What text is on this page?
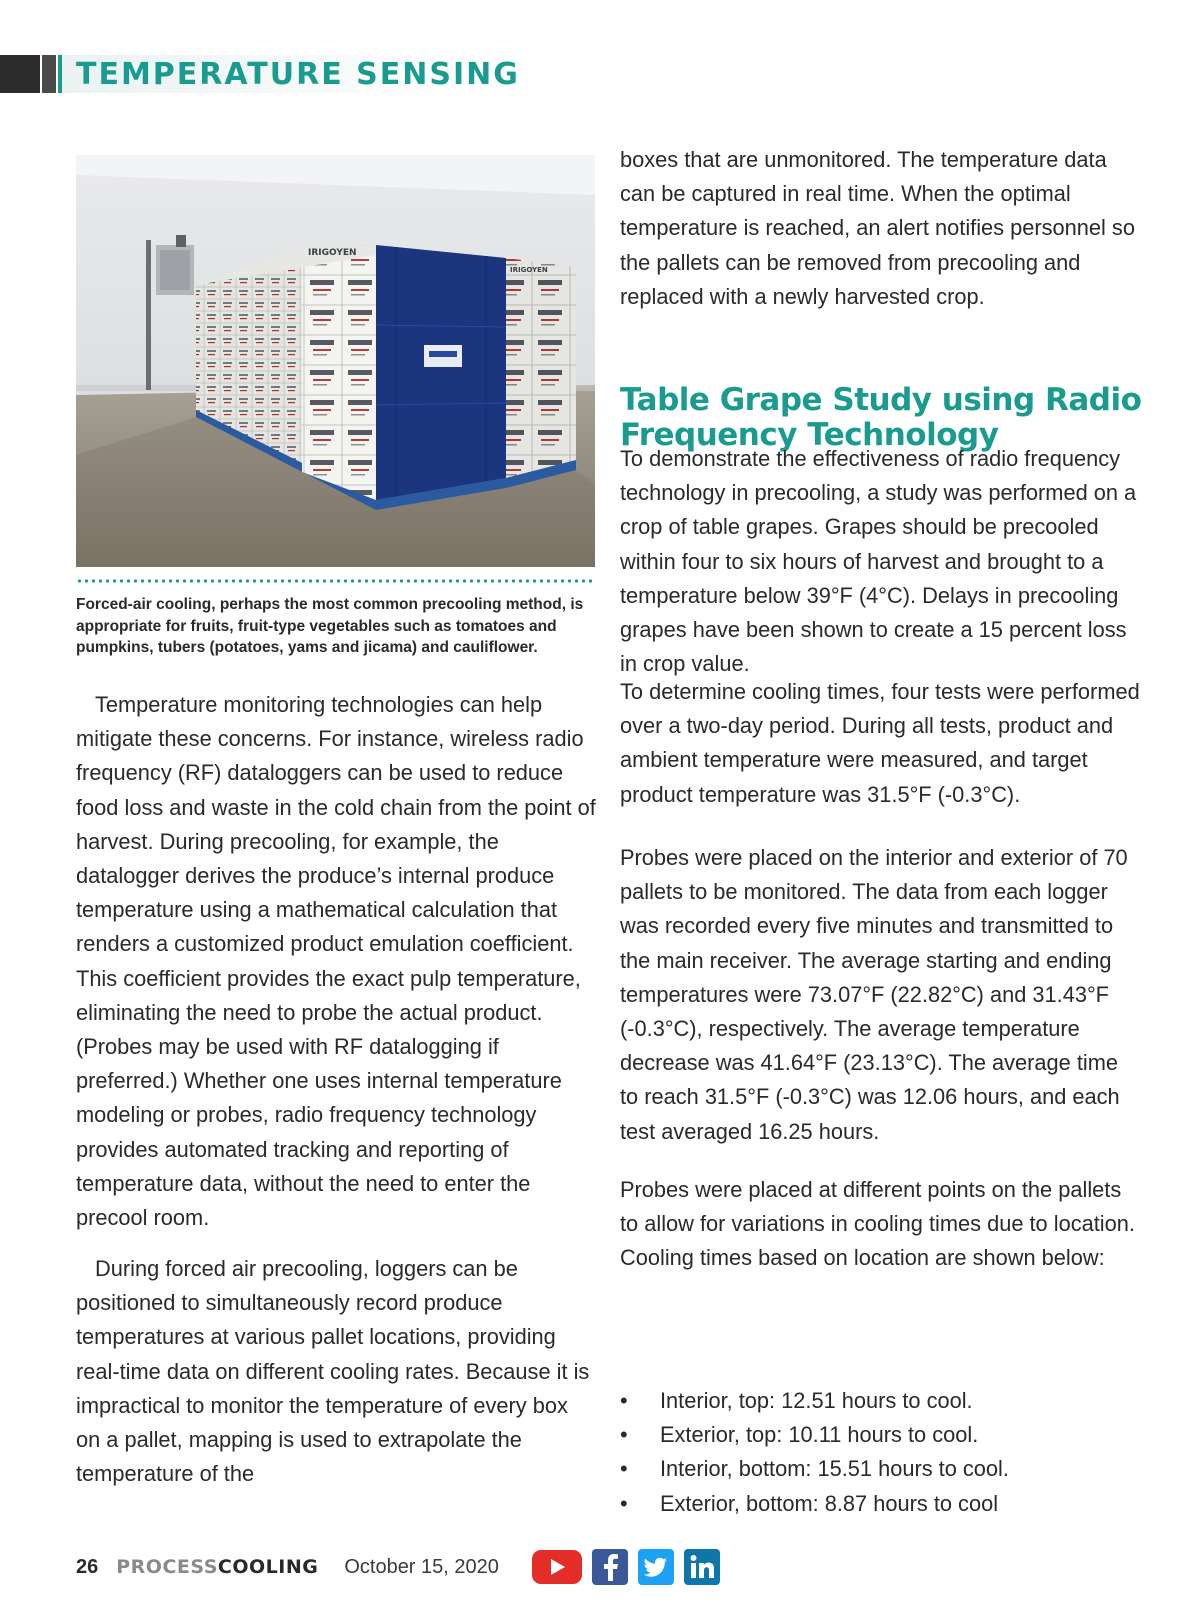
TEMPERATURE SENSING
IRIGOYEN
IRIGOYEN
Forced-air cooling, perhaps the most common precooling method, is appropriate for fruits, fruit-type vegetables such as tomatoes and pumpkins, tubers (potatoes, yams and jicama) and cauliflower.
Temperature monitoring technologies can help mitigate these concerns. For instance, wireless radio frequency (RF) dataloggers can be used to reduce food loss and waste in the cold chain from the point of harvest. During precooling, for example, the datalogger derives the produce’s internal produce temperature using a mathematical calculation that renders a customized product emulation coefficient. This coefficient provides the exact pulp temperature, eliminating the need to probe the actual product. (Probes may be used with RF datalogging if preferred.) Whether one uses internal temperature modeling or probes, radio frequency technology provides automated tracking and reporting of temperature data, without the need to enter the precool room.
During forced air precooling, loggers can be positioned to simultaneously record produce temperatures at various pallet locations, providing real-time data on different cooling rates. Because it is impractical to monitor the temperature of every box on a pallet, mapping is used to extrapolate the temperature of the
boxes that are unmonitored. The temperature data can be captured in real time. When the optimal temperature is reached, an alert notifies personnel so the pallets can be removed from precooling and replaced with a newly harvested crop.
Table Grape Study using Radio Frequency Technology
To demonstrate the effectiveness of radio frequency technology in precooling, a study was performed on a crop of table grapes. Grapes should be precooled within four to six hours of harvest and brought to a temperature below 39°F (4°C). Delays in precooling grapes have been shown to create a 15 percent loss in crop value.
To determine cooling times, four tests were performed over a two-day period. During all tests, product and ambient temperature were measured, and target product temperature was 31.5°F (-0.3°C).
Probes were placed on the interior and exterior of 70 pallets to be monitored. The data from each logger was recorded every five minutes and transmitted to the main receiver. The average starting and ending temperatures were 73.07°F (22.82°C) and 31.43°F (-0.3°C), respectively. The average temperature decrease was 41.64°F (23.13°C). The average time to reach 31.5°F (-0.3°C) was 12.06 hours, and each test averaged 16.25 hours.
Probes were placed at different points on the pallets to allow for variations in cooling times due to location. Cooling times based on location are shown below:
• Interior, top: 12.51 hours to cool.
• Exterior, top: 10.11 hours to cool.
• Interior, bottom: 15.51 hours to cool.
• Exterior, bottom: 8.87 hours to cool
26 PROCESSCOOLING October 15, 2020
